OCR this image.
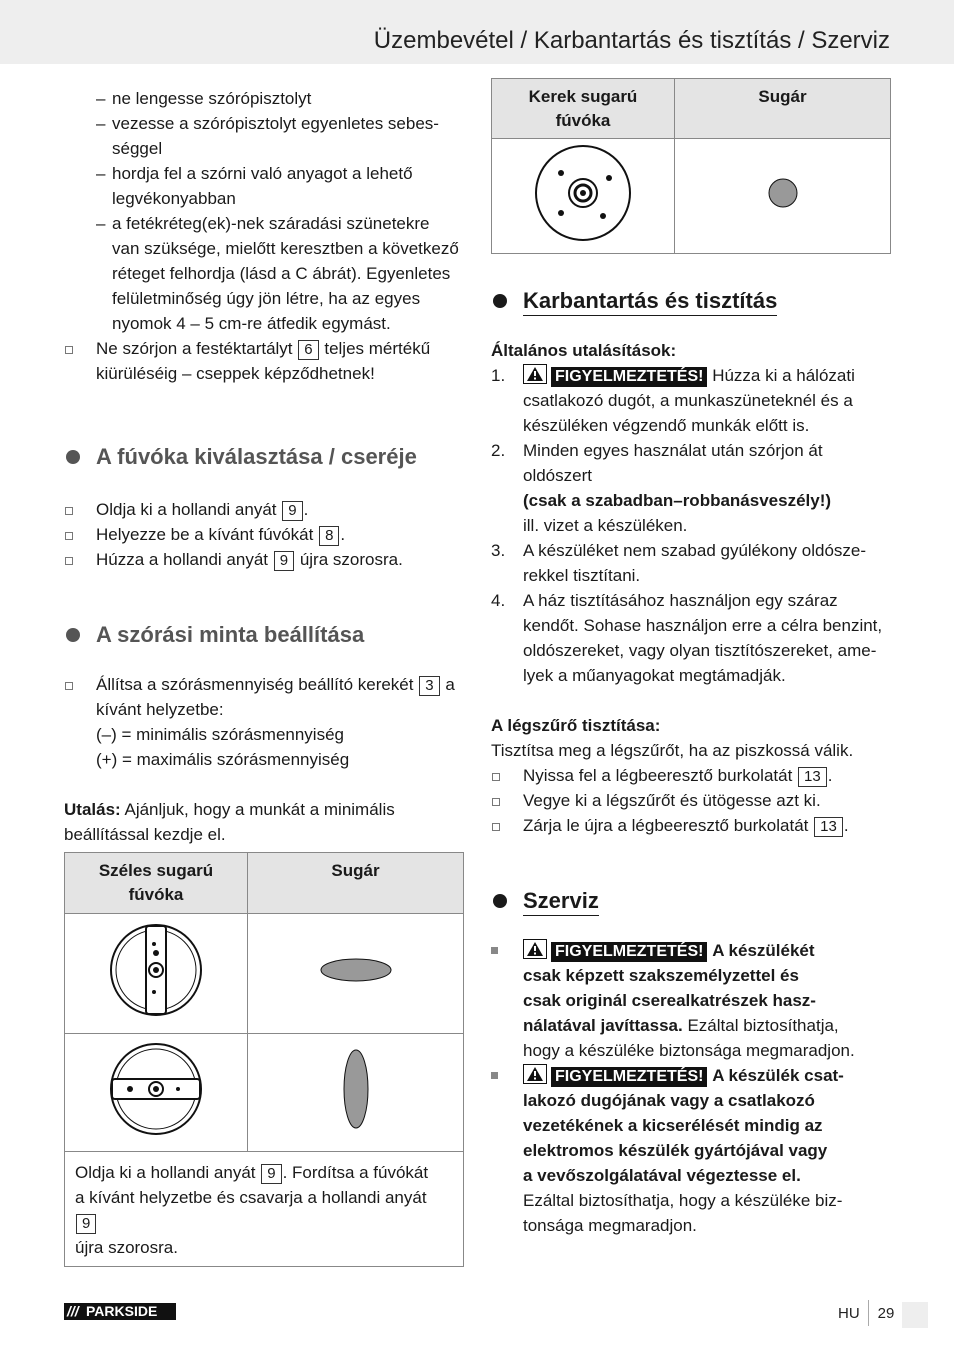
Üzembevétel / Karbantartás és tisztítás / Szerviz

– ne lengesse szórópisztolyt

– vezesse a szórópisztolyt egyenletes sebes-

séggel

– hordja fel a szórni való anyagot a lehető

legvékonyabban

– a fetékréteg(ek)-nek száradási szünetekre

van szüksége, mielőtt keresztben a következő

réteget felhordja (lásd a C ábrát). Egyenletes

felületminőség úgy jön létre, ha az egyes

nyomok 4 – 5 cm-re átfedik egymást.

Ne szórjon a festéktartályt 6 teljes mértékű
kiürüléséig – cseppek képződhetnek!
A fúvóka kiválasztása / cseréje

Oldja ki a hollandi anyát 9 .

Helyezze be a kívánt fúvókát 8 .

Húzza a hollandi anyát 9 újra szorosra.

A szórási minta beállítása
Állítsa a szórásmennyiség beállító kerekét 3 a
kívánt helyzetbe:
(–) = minimális szórásmennyiség
(+) = maximális szórásmennyiség

Utalás: Ajánljuk, hogy a munkát a minimális
beállítással kezdje el.

Széles sugarú
fúvóka	Sugár

Oldja ki a hollandi anyát 9 . Fordítsa a fúvókát
a kívánt helyzetbe és csavarja a hollandi anyát 9
újra szorosra.	
Kerek sugarú
fúvóka	Sugár

Karbantartás és tisztítás

Általános utalásítások:

1.	FIGYELMEZTETÉS! Húzza ki a hálózati
csatlakozó dugót, a munkaszüneteknél és a
készüléken végzendő munkák előtt is.

2. Minden egyes használat után szórjon át oldószert
(csak a szabadban–robbanásveszély!)
ill. vizet a készüléken.

3. A készüléket nem szabad gyúlékony oldósze-
rekkel tisztítani.

4. A ház tisztításához használjon egy száraz
kendőt. Sohase használjon erre a célra benzint,
oldószereket, vagy olyan tisztítószereket, ame-
lyek a műanyagokat megtámadják.

A légszűrő tisztítása:

Tisztítsa meg a légszűrőt, ha az piszkossá válik.

Nyissa fel a légbeeresztő burkolatát 13 .

Vegye ki a légszűrőt és ütögesse azt ki.

Zárja le újra a légbeeresztő burkolatát 13 .

Szerviz

FIGYELMEZTETÉS! A készülékét
csak képzett szakszemélyzettel és
csak originál cserealkatrészek hasz-
nálatával javíttassa. Ezáltal biztosíthatja,
hogy a készüléke biztonsága megmaradjon.

FIGYELMEZTETÉS! A készülék csat-
lakozó dugójának vagy a csatlakozó
vezetékének a kicserélését mindig az
elektromos készülék gyártójával vagy
a vevőszolgálatával végeztesse el.
Ezáltal biztosíthatja, hogy a készüléke biz-
tonsága megmaradjon.

/// PARKSIDE	HU 29
